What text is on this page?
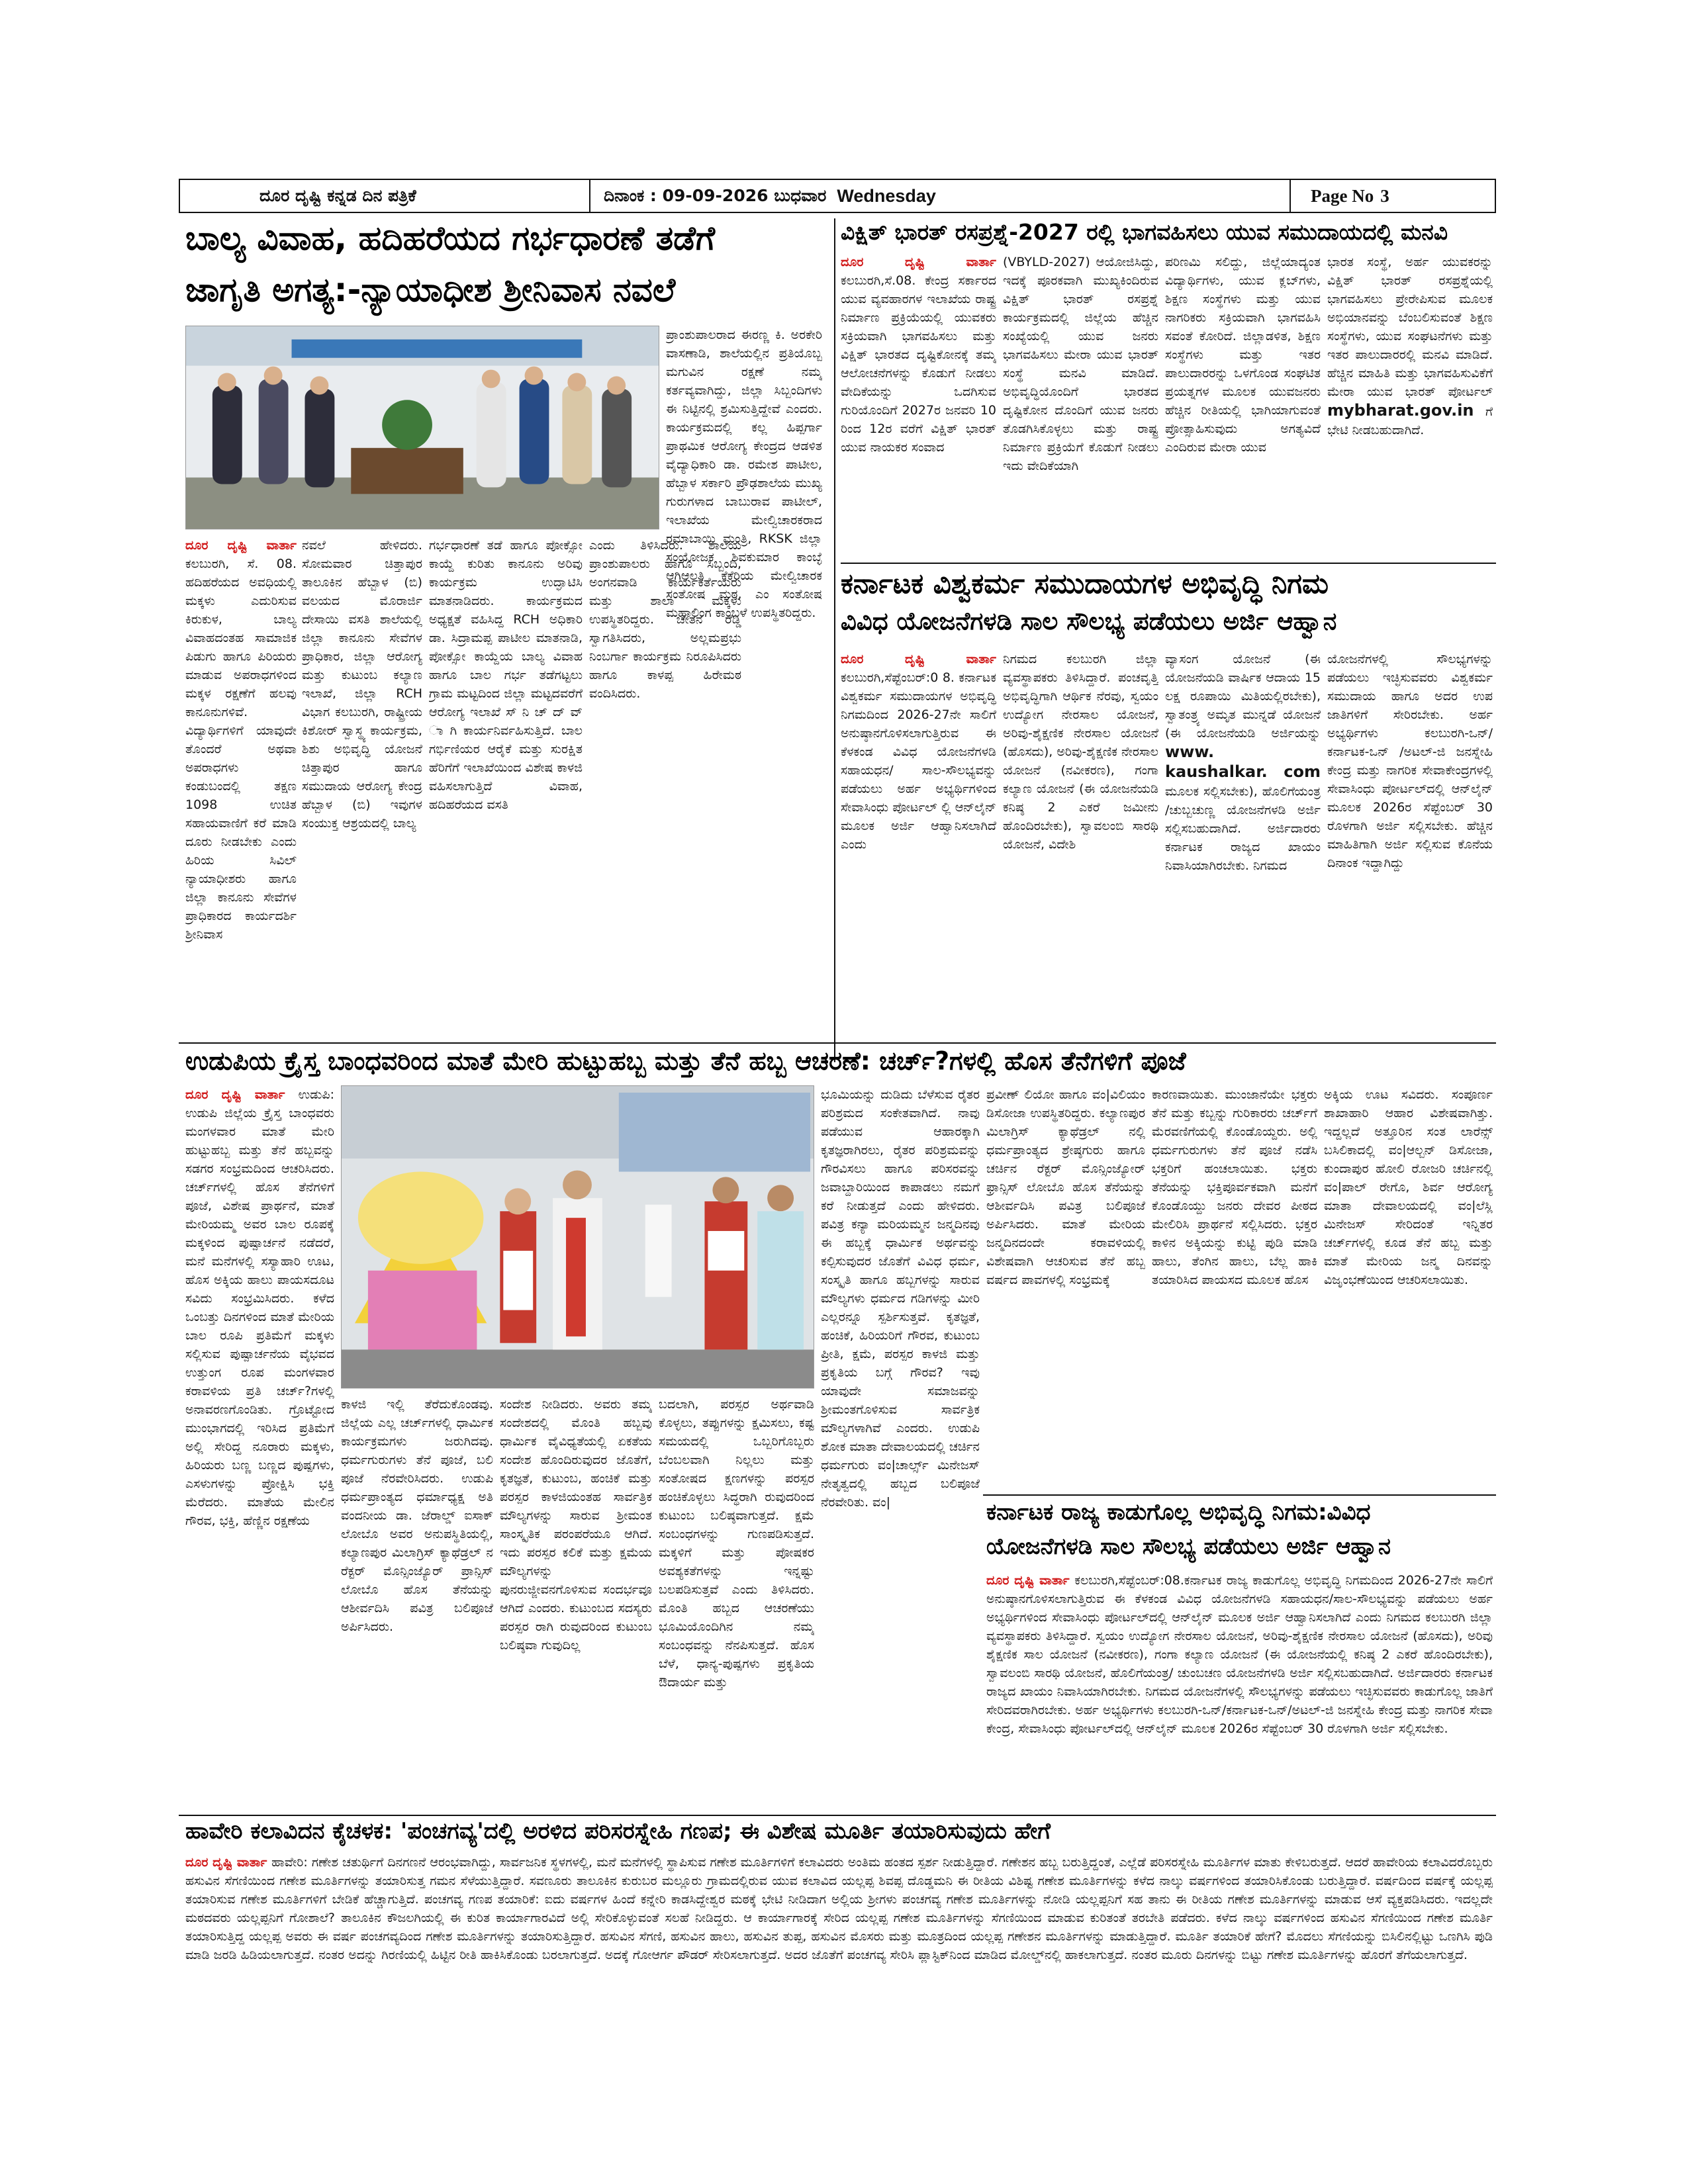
ದೂರ ದೃಷ್ಟಿ ಕನ್ನಡ ದಿನ ಪತ್ರಿಕೆ	ದಿನಾಂಕ : 09-09-2026 ಬುಧವಾರ Wednesday	Page No 3
ಬಾಲ್ಯ ವಿವಾಹ, ಹದಿಹರೆಯದ ಗರ್ಭಧಾರಣೆ ತಡೆಗೆ
ಜಾಗೃತಿ ಅಗತ್ಯ:-ನ್ಯಾಯಾಧೀಶ ಶ್ರೀನಿವಾಸ ನವಲೆ
ಪ್ರಾಂಶುಪಾಲರಾದ ಈರಣ್ಣ ಕಿ. ಅರಕೇರಿ ವಾಸಣಾಡಿ, ಶಾಲೆಯಲ್ಲಿನ ಪ್ರತಿಯೊಬ್ಬ ಮಗುವಿನ ರಕ್ಷಣೆ ನಮ್ಮ ಕರ್ತವ್ಯವಾಗಿದ್ದು, ಜಿಲ್ಲಾ ಸಿಬ್ಬಂದಿಗಳು ಈ ನಿಟ್ಟಿನಲ್ಲಿ ಶ್ರಮಿಸುತ್ತಿದ್ದೇವೆ ಎಂದರು. ಕಾರ್ಯಕ್ರಮದಲ್ಲಿ ಕಲ್ಲ ಹಿಪ್ಪರ್ಗಾ ಪ್ರಾಥಮಿಕ ಆರೋಗ್ಯ ಕೇಂದ್ರದ ಆಡಳಿತ ವೈದ್ಯಾಧಿಕಾರಿ ಡಾ. ರಮೇಶ ಪಾಟೀಲ, ಹೆಬ್ಬಾಳ ಸರ್ಕಾರಿ ಪ್ರೌಢಶಾಲೆಯ ಮುಖ್ಯ ಗುರುಗಳಾದ ಬಾಬುರಾವ ಪಾಟೀಲ್, ಇಲಾಖೆಯ ಮೇಲ್ವಿಚಾರಕರಾದ ರಮಾಬಾಯಿ ಮಂತ್ರಿ, RKSK ಜಿಲ್ಲಾ ಸಂಯೋಜಕ ಶಿವಕುಮಾರ ಕಾಂಬ್ಳೆ ಆಗಿಆಲತಿ ಕೆಕೆರಿಯ ಮೇಲ್ವಿಚಾರಕ ಸಂತೋಷ ಮಠ, ಎಂ ಸಂತೋಷ ಮಹಾಲಿಂಗ ಕಾಂಬಳೆ ಉಪಸ್ಥಿತರಿದ್ದರು.
ದೂರ ದೃಷ್ಟಿ ವಾರ್ತಾ ಕಲಬುರಗಿ, ಸೆ. 08. ಹದಿಹರೆಯದ ಅವಧಿಯಲ್ಲಿ ಮಕ್ಕಳು ಎದುರಿಸುವ ಕಿರುಕುಳ, ಬಾಲ್ಯ ವಿವಾಹದಂತಹ ಸಾಮಾಜಿಕ ಪಿಡುಗು ಹಾಗೂ ಪಿರಿಯರು ಮಾಡುವ ಅಪರಾಧಗಳಿಂದ ಮಕ್ಕಳ ರಕ್ಷಣೆಗೆ ಹಲವು ಕಾನೂನುಗಳಿವೆ. ವಿದ್ಯಾರ್ಥಿಗಳಿಗೆ ಯಾವುದೇ ತೊಂದರೆ ಅಥವಾ ಅಪರಾಧಗಳು ಕಂಡುಬಂದಲ್ಲಿ ತಕ್ಷಣ 1098 ಉಚಿತ ಸಹಾಯವಾಣಿಗೆ ಕರೆ ಮಾಡಿ ದೂರು ನೀಡಬೇಕು ಎಂದು ಹಿರಿಯ ಸಿವಿಲ್ ನ್ಯಾಯಾಧೀಶರು ಹಾಗೂ ಜಿಲ್ಲಾ ಕಾನೂನು ಸೇವೆಗಳ ಪ್ರಾಧಿಕಾರದ ಕಾರ್ಯದರ್ಶಿ ಶ್ರೀನಿವಾಸ
ನವಲೆ ಹೇಳಿದರು. ಸೋಮವಾರ ಚಿತ್ತಾಪುರ ತಾಲೂಕಿನ ಹೆಬ್ಬಾಳ (ಬಿ) ವಲಯದ ಮೊರಾರ್ಜಿ ದೇಸಾಯಿ ವಸತಿ ಶಾಲೆಯಲ್ಲಿ ಜಿಲ್ಲಾ ಕಾನೂನು ಸೇವೆಗಳ ಪ್ರಾಧಿಕಾರ, ಜಿಲ್ಲಾ ಆರೋಗ್ಯ ಮತ್ತು ಕುಟುಂಬ ಕಲ್ಯಾಣ ಇಲಾಖೆ, ಜಿಲ್ಲಾ RCH ವಿಭಾಗ ಕಲಬುರಗಿ, ರಾಷ್ಟ್ರೀಯ ಕಿಶೋರ್ ಸ್ವಾಸ್ಥ್ಯ ಕಾರ್ಯಕ್ರಮ, ಶಿಶು ಅಭಿವೃದ್ಧಿ ಯೋಜನೆ ಚಿತ್ತಾಪುರ ಹಾಗೂ ಸಮುದಾಯ ಆರೋಗ್ಯ ಕೇಂದ್ರ ಹೆಬ್ಬಾಳ (ಬಿ) ಇವುಗಳ ಸಂಯುಕ್ತ ಆಶ್ರಯದಲ್ಲಿ ಬಾಲ್ಯ
ಗರ್ಭಧಾರಣೆ ತಡೆ ಹಾಗೂ ಪೋಕ್ಸೋ ಕಾಯ್ದೆ ಕುರಿತು ಕಾನೂನು ಅರಿವು ಕಾರ್ಯಕ್ರಮ ಉದ್ಘಾಟಿಸಿ ಮಾತನಾಡಿದರು. ಕಾರ್ಯಕ್ರಮದ ಅಧ್ಯಕ್ಷತೆ ವಹಿಸಿದ್ದ RCH ಅಧಿಕಾರಿ ಡಾ. ಸಿದ್ರಾಮಪ್ಪ ಪಾಟೀಲ ಮಾತನಾಡಿ, ಪೋಕ್ಸೋ ಕಾಯ್ದೆಯ ಬಾಲ್ಯ ವಿವಾಹ ಹಾಗೂ ಬಾಲ ಗರ್ಭ ತಡೆಗಟ್ಟಲು ಗ್ರಾಮ ಮಟ್ಟದಿಂದ ಜಿಲ್ಲಾ ಮಟ್ಟದವರೆಗೆ ಆರೋಗ್ಯ ಇಲಾಖೆ ಸ್ ನಿ ಚ್ ದ್ ವ್ ಾ ಗಿ ಕಾರ್ಯನಿರ್ವಹಿಸುತ್ತಿದೆ. ಬಾಲ ಗರ್ಭಿಣಿಯರ ಆರೈಕೆ ಮತ್ತು ಸುರಕ್ಷಿತ ಹೆರಿಗೆಗೆ ಇಲಾಖೆಯಿಂದ ವಿಶೇಷ ಕಾಳಜಿ ವಹಿಸಲಾಗುತ್ತಿದೆ ವಿವಾಹ, ಹದಿಹರೆಯದ ವಸತಿ
ಎಂದು ತಿಳಿಸಿದರು. ಶಾಲೆಯ ಪ್ರಾಂಶುಪಾಲರು ಹಾಗೂ ಸಿಬ್ಬಂದಿ, ಅಂಗನವಾಡಿ ಕಾರ್ಯಕರ್ತೆಯರು ಮತ್ತು ಶಾಲಾ ಮಕ್ಕಳು ಉಪಸ್ಥಿತರಿದ್ದರು. ಚೇತನ ರೆಡ್ಡಿ ಸ್ವಾಗತಿಸಿದರು, ಅಲ್ಲಮಪ್ರಭು ನಿಂಬರ್ಗಾ ಕಾರ್ಯಕ್ರಮ ನಿರೂಪಿಸಿದರು ಹಾಗೂ ಕಾಳಪ್ಪ ಹಿರೇಮಠ ವಂದಿಸಿದರು.
ವಿಕ್ಷಿತ್ ಭಾರತ್ ರಸಪ್ರಶ್ನೆ-2027 ರಲ್ಲಿ ಭಾಗವಹಿಸಲು ಯುವ ಸಮುದಾಯದಲ್ಲಿ ಮನವಿ
ದೂರ ದೃಷ್ಟಿ ವಾರ್ತಾ ಕಲಬುರಗಿ,ಸೆ.08. ಕೇಂದ್ರ ಸರ್ಕಾರದ ಯುವ ವ್ಯವಹಾರಗಳ ಇಲಾಖೆಯ ರಾಷ್ಟ್ರ ನಿರ್ಮಾಣ ಪ್ರಕ್ರಿಯೆಯಲ್ಲಿ ಯುವಕರು ಸಕ್ರಿಯವಾಗಿ ಭಾಗವಹಿಸಲು ಮತ್ತು ವಿಕ್ಷಿತ್ ಭಾರತದ ದೃಷ್ಟಿಕೋನಕ್ಕೆ ತಮ್ಮ ಆಲೋಚನೆಗಳನ್ನು ಕೊಡುಗೆ ನೀಡಲು ವೇದಿಕೆಯನ್ನು ಒದಗಿಸುವ ಗುರಿಯೊಂದಿಗೆ 2027ರ ಜನವರಿ 10 ರಿಂದ 12ರ ವರೆಗೆ ವಿಕ್ಷಿತ್ ಭಾರತ್ ಯುವ ನಾಯಕರ ಸಂವಾದ
(VBYLD-2027) ಆಯೋಜಿಸಿದ್ದು, ಇದಕ್ಕೆ ಪೂರಕವಾಗಿ ಮುಖ್ಯಕಿಂದಿರುವ ವಿಕ್ಷಿತ್ ಭಾರತ್ ರಸಪ್ರಶ್ನೆ ಕಾರ್ಯಕ್ರಮದಲ್ಲಿ ಜಿಲ್ಲೆಯ ಹೆಚ್ಚಿನ ಸಂಖ್ಯೆಯಲ್ಲಿ ಯುವ ಜನರು ಭಾಗವಹಿಸಲು ಮೇರಾ ಯುವ ಭಾರತ್ ಸಂಸ್ಥೆ ಮನವಿ ಮಾಡಿದೆ. ಅಭಿವೃದ್ಧಿಯೊಂದಿಗೆ ಭಾರತದ ದೃಷ್ಟಿಕೋನ ದೊಂದಿಗೆ ಯುವ ಜನರು ತೊಡಗಿಸಿಕೊಳ್ಳಲು ಮತ್ತು ರಾಷ್ಟ್ರ ನಿರ್ಮಾಣ ಪ್ರಕ್ರಿಯೆಗೆ ಕೊಡುಗೆ ನೀಡಲು ಇದು ವೇದಿಕೆಯಾಗಿ
ಪರಿಣಮಿ ಸಲಿದ್ದು, ಜಿಲ್ಲೆಯಾದ್ಯಂತ ವಿದ್ಯಾರ್ಥಿಗಳು, ಯುವ ಕ್ಲಬ್‌ಗಳು, ಶಿಕ್ಷಣ ಸಂಸ್ಥೆಗಳು ಮತ್ತು ಯುವ ನಾಗರಿಕರು ಸಕ್ರಿಯವಾಗಿ ಭಾಗವಹಿಸಿ ಸವಂತೆ ಕೋರಿದೆ. ಜಿಲ್ಲಾಡಳಿತ, ಶಿಕ್ಷಣ ಸಂಸ್ಥೆಗಳು ಮತ್ತು ಇತರ ಪಾಲುದಾರರನ್ನು ಒಳಗೊಂಡ ಸಂಘಟಿತ ಪ್ರಯತ್ನಗಳ ಮೂಲಕ ಯುವಜನರು ಹೆಚ್ಚಿನ ರೀತಿಯಲ್ಲಿ ಭಾಗಿಯಾಗುವಂತೆ ಪ್ರೋತ್ಸಾಹಿಸುವುದು ಅಗತ್ಯವಿದೆ ಎಂದಿರುವ ಮೇರಾ ಯುವ
ಭಾರತ ಸಂಸ್ಥೆ, ಅರ್ಹ ಯುವಕರನ್ನು ವಿಕ್ಷಿತ್ ಭಾರತ್ ರಸಪ್ರಶ್ನೆಯಲ್ಲಿ ಭಾಗವಹಿಸಲು ಪ್ರೇರೇಪಿಸುವ ಮೂಲಕ ಅಭಿಯಾನವನ್ನು ಬೆಂಬಲಿಸುವಂತೆ ಶಿಕ್ಷಣ ಸಂಸ್ಥೆಗಳು, ಯುವ ಸಂಘಟನೆಗಳು ಮತ್ತು ಇತರ ಪಾಲುದಾರರಲ್ಲಿ ಮನವಿ ಮಾಡಿದೆ. ಹೆಚ್ಚಿನ ಮಾಹಿತಿ ಮತ್ತು ಭಾಗವಹಿಸುವಿಕೆಗೆ ಮೇರಾ ಯುವ ಭಾರತ್ ಪೋರ್ಟಲ್ mybharat.gov.in ಗೆ ಭೇಟಿ ನೀಡಬಹುದಾಗಿದೆ.
ಕರ್ನಾಟಕ ವಿಶ್ವಕರ್ಮ ಸಮುದಾಯಗಳ ಅಭಿವೃದ್ಧಿ ನಿಗಮ
ವಿವಿಧ ಯೋಜನೆಗಳಡಿ ಸಾಲ ಸೌಲಭ್ಯ ಪಡೆಯಲು ಅರ್ಜಿ ಆಹ್ವಾನ
ದೂರ ದೃಷ್ಟಿ ವಾರ್ತಾ ಕಲಬುರಗಿ,ಸೆಪ್ಟೆಂಬರ್:0 8. ಕರ್ನಾಟಕ ವಿಶ್ವಕರ್ಮ ಸಮುದಾಯಗಳ ಅಭಿವೃದ್ಧಿ ನಿಗಮದಿಂದ 2026-27ನೇ ಸಾಲಿಗೆ ಅನುಷ್ಠಾನಗೊಳಿಸಲಾಗುತ್ತಿರುವ ಈ ಕೆಳಕಂಡ ವಿವಿಧ ಯೋಜನೆಗಳಡಿ ಸಹಾಯಧನ/ ಸಾಲ-ಸೌಲಭ್ಯವನ್ನು ಪಡೆಯಲು ಅರ್ಹ ಅಭ್ಯರ್ಥಿಗಳಿಂದ ಸೇವಾಸಿಂಧು ಪೋರ್ಟಲ್ ಲ್ಲಿ ಆನ್‌ಲೈನ್ ಮೂಲಕ ಅರ್ಜಿ ಆಹ್ವಾನಿಸಲಾಗಿದೆ ಎಂದು
ನಿಗಮದ ಕಲಬುರಗಿ ಜಿಲ್ಲಾ ವ್ಯವಸ್ಥಾಪಕರು ತಿಳಿಸಿದ್ದಾರೆ. ಪಂಚವೃತ್ತಿ ಅಭಿವೃದ್ಧಿಗಾಗಿ ಆರ್ಥಿಕ ನೆರವು, ಸ್ವಯಂ ಉದ್ಯೋಗ ನೇರಸಾಲ ಯೋಜನೆ, ಅರಿವು-ಶೈಕ್ಷಣಿಕ ನೇರಸಾಲ ಯೋಜನೆ (ಹೊಸದು), ಅರಿವು-ಶೈಕ್ಷಣಿಕ ನೇರಸಾಲ ಯೋಜನೆ (ನವೀಕರಣ), ಗಂಗಾ ಕಲ್ಯಾಣ ಯೋಜನೆ (ಈ ಯೋಜನೆಯಡಿ ಕನಿಷ್ಠ 2 ಎಕರೆ ಜಮೀನು ಹೊಂದಿರಬೇಕು), ಸ್ವಾವಲಂಬಿ ಸಾರಥಿ ಯೋಜನೆ, ವಿದೇಶಿ
ವ್ಯಾಸಂಗ ಯೋಜನೆ (ಈ ಯೋಜನೆಯಡಿ ವಾರ್ಷಿಕ ಆದಾಯ 15 ಲಕ್ಷ ರೂಪಾಯಿ ಮಿತಿಯಲ್ಲಿರಬೇಕು), ಸ್ವಾತಂತ್ರ್ಯ ಅಮೃತ ಮುನ್ನಡೆ ಯೋಜನೆ (ಈ ಯೋಜನೆಯಡಿ ಅರ್ಜಿಯನ್ನು www. kaushalkar. com ಮೂಲಕ ಸಲ್ಲಿಸಬೇಕು), ಹೊಲಿಗೆಯಂತ್ರ /ಚುಬ್ಬಚುಣ್ಣ ಯೋಜನೆಗಳಡಿ ಅರ್ಜಿ ಸಲ್ಲಿಸಬಹುದಾಗಿದೆ. ಅರ್ಜಿದಾರರು ಕರ್ನಾಟಕ ರಾಜ್ಯದ ಖಾಯಂ ನಿವಾಸಿಯಾಗಿರಬೇಕು. ನಿಗಮದ
ಯೋಜನೆಗಳಲ್ಲಿ ಸೌಲಭ್ಯಗಳನ್ನು ಪಡೆಯಲು ಇಚ್ಛಿಸುವವರು ವಿಶ್ವಕರ್ಮ ಸಮುದಾಯ ಹಾಗೂ ಅದರ ಉಪ ಜಾತಿಗಳಿಗೆ ಸೇರಿರಬೇಕು. ಅರ್ಹ ಅಭ್ಯರ್ಥಿಗಳು ಕಲಬುರಗಿ-ಒನ್/ ಕರ್ನಾಟಕ-ಒನ್ /ಅಟಲ್-ಜಿ ಜನಸ್ನೇಹಿ ಕೇಂದ್ರ ಮತ್ತು ನಾಗರಿಕ ಸೇವಾಕೇಂದ್ರಗಳಲ್ಲಿ ಸೇವಾಸಿಂಧು ಪೋರ್ಟಲ್‌ದಲ್ಲಿ ಆನ್‌ಲೈನ್ ಮೂಲಕ 2026ರ ಸೆಪ್ಟೆಂಬರ್ 30 ರೊಳಗಾಗಿ ಅರ್ಜಿ ಸಲ್ಲಿಸಬೇಕು. ಹೆಚ್ಚಿನ ಮಾಹಿತಿಗಾಗಿ ಅರ್ಜಿ ಸಲ್ಲಿಸುವ ಕೊನೆಯ ದಿನಾಂಕ ಇದ್ದಾಗಿದ್ದು
ಉಡುಪಿಯ ಕ್ರೈಸ್ತ ಬಾಂಧವರಿಂದ ಮಾತೆ ಮೇರಿ ಹುಟ್ಟುಹಬ್ಬ ಮತ್ತು ತೆನೆ ಹಬ್ಬ ಆಚರಣೆ: ಚರ್ಚ್?ಗಳಲ್ಲಿ ಹೊಸ ತೆನೆಗಳಿಗೆ ಪೂಜೆ
ದೂರ ದೃಷ್ಟಿ ವಾರ್ತಾ ಉಡುಪಿ: ಉಡುಪಿ ಜಿಲ್ಲೆಯ ಕ್ರೈಸ್ತ ಬಾಂಧವರು ಮಂಗಳವಾರ ಮಾತೆ ಮೇರಿ ಹುಟ್ಟುಹಬ್ಬ ಮತ್ತು ತೆನೆ ಹಬ್ಬವನ್ನು ಸಡಗರ ಸಂಭ್ರಮದಿಂದ ಆಚರಿಸಿದರು. ಚರ್ಚ್‌ಗಳಲ್ಲಿ ಹೊಸ ತೆನೆಗಳಿಗೆ ಪೂಜೆ, ವಿಶೇಷ ಪ್ರಾರ್ಥನೆ, ಮಾತೆ ಮೇರಿಯಮ್ಮ ಅವರ ಬಾಲ ರೂಪಕ್ಕೆ ಮಕ್ಕಳಿಂದ ಪುಷ್ಪಾರ್ಚನೆ ನಡೆದರೆ, ಮನೆ ಮನೆಗಳಲ್ಲಿ ಸಸ್ಯಾಹಾರಿ ಊಟ, ಹೊಸ ಅಕ್ಕಿಯ ಹಾಲು ಪಾಯಸದೂಟ ಸವಿದು ಸಂಭ್ರಮಿಸಿದರು. ಕಳೆದ ಒಂಬತ್ತು ದಿನಗಳಿಂದ ಮಾತೆ ಮೇರಿಯ ಬಾಲ ರೂಪಿ ಪ್ರತಿಮೆಗೆ ಮಕ್ಕಳು ಸಲ್ಲಿಸುವ ಪುಷ್ಪಾರ್ಚನೆಯ ವೈಭವದ ಉತ್ತುಂಗ ರೂಪ ಮಂಗಳವಾರ ಕರಾವಳಿಯ ಪ್ರತಿ ಚರ್ಚ್?ಗಳಲ್ಲಿ ಅನಾವರಣಗೊಂಡಿತು. ಗ್ರೊಟ್ಟೋದ ಮುಂಭಾಗದಲ್ಲಿ ಇರಿಸಿದ ಪ್ರತಿಮೆಗೆ ಅಲ್ಲಿ ಸೇರಿದ್ದ ನೂರಾರು ಮಕ್ಕಳು, ಹಿರಿಯರು ಬಣ್ಣ ಬಣ್ಣದ ಪುಷ್ಪಗಳು, ಎಸಳುಗಳನ್ನು ಪ್ರೋಕ್ಷಿಸಿ ಭಕ್ತಿ ಮೆರೆದರು. ಮಾತೆಯ ಮೇಲಿನ ಗೌರವ, ಭಕ್ತಿ, ಹೆಣ್ಣಿನ ರಕ್ಷಣೆಯ
ಕಾಳಜಿ ಇಲ್ಲಿ ತೆರೆದುಕೊಂಡವು. ಜಿಲ್ಲೆಯ ಎಲ್ಲ ಚರ್ಚ್‌ಗಳಲ್ಲಿ ಧಾರ್ಮಿಕ ಕಾರ್ಯಕ್ರಮಗಳು ಜರುಗಿದವು. ಧರ್ಮಗುರುಗಳು ತೆನೆ ಪೂಜೆ, ಬಲಿ ಪೂಜೆ ನೆರವೇರಿಸಿದರು. ಉಡುಪಿ ಧರ್ಮಪ್ರಾಂತ್ಯದ ಧರ್ಮಾಧ್ಯಕ್ಷ ಅತಿ ವಂದನೀಯ ಡಾ. ಜೆರಾಲ್ಡ್ ಐಸಾಕ್ ಲೋಬೊ ಅವರ ಅನುಪಸ್ಥಿತಿಯಲ್ಲಿ, ಕಲ್ಯಾಣಪುರ ಮಿಲಾಗ್ರಿಸ್ ಕ್ಯಾಥೆಡ್ರಲ್ ನ ರೆಕ್ಟರ್ ಮೊನ್ಸಿಂಜ್ಯೊರ್ ಪ್ರಾನ್ಸಿಸ್ ಲೋಬೊ ಹೊಸ ತೆನೆಯನ್ನು ಆಶೀರ್ವದಿಸಿ ಪವಿತ್ರ ಬಲಿಪೂಜೆ ಅರ್ಪಿಸಿದರು.
ಸಂದೇಶ ನೀಡಿದರು. ಅವರು ತಮ್ಮ ಸಂದೇಶದಲ್ಲಿ ಮೊಂತಿ ಹಬ್ಬವು ಧಾರ್ಮಿಕ ವೈವಿಧ್ಯತೆಯಲ್ಲಿ ಏಕತೆಯ ಸಂದೇಶ ಹೊಂದಿರುವುದರ ಜೊತೆಗೆ, ಕೃತಜ್ಞತೆ, ಕುಟುಂಬ, ಹಂಚಿಕೆ ಮತ್ತು ಪರಸ್ಪರ ಕಾಳಜಿಯಂತಹ ಸಾರ್ವತ್ರಿಕ ಮೌಲ್ಯಗಳನ್ನು ಸಾರುವ ಶ್ರೀಮಂತ ಸಾಂಸ್ಕೃತಿಕ ಪರಂಪರೆಯೂ ಆಗಿದೆ. ಇದು ಪರಸ್ಪರ ಕಲಿಕೆ ಮತ್ತು ಕ್ಷಮೆಯ ಮೌಲ್ಯಗಳನ್ನು ಪುನರುಜ್ಜೀವನಗೊಳಿಸುವ ಸಂದರ್ಭವೂ ಆಗಿದೆ ಎಂದರು. ಕುಟುಂಬದ ಸದಸ್ಯರು ಪರಸ್ಪರ ರಾಗಿ ರುವುದರಿಂದ ಕುಟುಂಬ ಬಲಿಷ್ಠವಾ ಗುವುದಿಲ್ಲ
ಬದಲಾಗಿ, ಪರಸ್ಪರ ಅರ್ಥವಾಡಿ ಕೊಳ್ಳಲು, ತಪ್ಪುಗಳನ್ನು ಕ್ಷಮಿಸಲು, ಕಷ್ಟ ಸಮಯದಲ್ಲಿ ಒಬ್ಬರಿಗೊಬ್ಬರು ಬೆಂಬಲವಾಗಿ ನಿಲ್ಲಲು ಮತ್ತು ಸಂತೋಷದ ಕ್ಷಣಗಳನ್ನು ಪರಸ್ಪರ ಹಂಚಿಕೊಳ್ಳಲು ಸಿದ್ಧರಾಗಿ ರುವುದರಿಂದ ಕುಟುಂಬ ಬಲಿಷ್ಠವಾಗುತ್ತದೆ. ಕ್ಷಮೆ ಸಂಬಂಧಗಳನ್ನು ಗುಣಪಡಿಸುತ್ತದೆ. ಮಕ್ಕಳಿಗೆ ಮತ್ತು ಪೋಷಕರ ಅವಶ್ಯಕತೆಗಳನ್ನು ಇನ್ನಷ್ಟು ಬಲಪಡಿಸುತ್ತವೆ ಎಂದು ತಿಳಿಸಿದರು. ಮೊಂತಿ ಹಬ್ಬದ ಆಚರಣೆಯು ಭೂಮಿಯೊಂದಿಗಿನ ನಮ್ಮ ಸಂಬಂಧವನ್ನು ನೆನಪಿಸುತ್ತದೆ. ಹೊಸ ಬೆಳೆ, ಧಾನ್ಯ-ಪುಷ್ಪಗಳು ಪ್ರಕೃತಿಯ ಔದಾರ್ಯ ಮತ್ತು
ಭೂಮಿಯನ್ನು ದುಡಿದು ಬೆಳೆಸುವ ರೈತರ ಪರಿಶ್ರಮದ ಸಂಕೇತವಾಗಿದೆ. ನಾವು ಪಡೆಯುವ ಆಹಾರಕ್ಕಾಗಿ ಕೃತಜ್ಞರಾಗಿರಲು, ರೈತರ ಪರಿಶ್ರಮವನ್ನು ಗೌರವಿಸಲು ಹಾಗೂ ಪರಿಸರವನ್ನು ಜವಾಬ್ದಾರಿಯಿಂದ ಕಾಪಾಡಲು ನಮಗೆ ಕರೆ ನೀಡುತ್ತದೆ ಎಂದು ಹೇಳಿದರು. ಪವಿತ್ರ ಕನ್ಯಾ ಮರಿಯಮ್ಮನ ಜನ್ಮದಿನವು ಈ ಹಬ್ಬಕ್ಕೆ ಧಾರ್ಮಿಕ ಅರ್ಥವನ್ನು ಕಲ್ಪಿಸುವುದರ ಜೊತೆಗೆ ವಿವಿಧ ಧರ್ಮ, ಸಂಸ್ಕೃತಿ ಹಾಗೂ ಹಬ್ಬಗಳನ್ನು ಸಾರುವ ಮೌಲ್ಯಗಳು ಧರ್ಮದ ಗಡಿಗಳನ್ನು ಮೀರಿ ಎಲ್ಲರನ್ನೂ ಸ್ಪರ್ಶಿಸುತ್ತವೆ. ಕೃತಜ್ಞತೆ, ಹಂಚಿಕೆ, ಹಿರಿಯರಿಗೆ ಗೌರವ, ಕುಟುಂಬ ಪ್ರೀತಿ, ಕ್ಷಮೆ, ಪರಸ್ಪರ ಕಾಳಜಿ ಮತ್ತು ಪ್ರಕೃತಿಯ ಬಗ್ಗೆ ಗೌರವ? ಇವು ಯಾವುದೇ ಸಮಾಜವನ್ನು ಶ್ರೀಮಂತಗೊಳಿಸುವ ಸಾರ್ವತ್ರಿಕ ಮೌಲ್ಯಗಳಾಗಿವೆ ಎಂದರು. ಉಡುಪಿ ಶೋಕ ಮಾತಾ ದೇವಾಲಯದಲ್ಲಿ ಚರ್ಚಿನ ಧರ್ಮಗುರು ವಂ|ಚಾರ್ಲ್ಸ್ ಮಿನೇಜಸ್ ನೇತೃತ್ವದಲ್ಲಿ ಹಬ್ಬದ ಬಲಿಪೂಜೆ ನೆರವೇರಿತು. ವಂ|
ಪ್ರವೀಣ್ ಲಿಯೋ ಹಾಗೂ ವಂ|ವಿಲಿಯಂ ಡಿಸೋಜಾ ಉಪಸ್ಥಿತರಿದ್ದರು. ಕಲ್ಯಾಣಪುರ ಮಿಲಾಗ್ರಿಸ್ ಕ್ಯಾಥೆಡ್ರಲ್ ನಲ್ಲಿ ಧರ್ಮಪ್ರಾಂತ್ಯದ ಶ್ರೇಷ್ಠಗುರು ಹಾಗೂ ಚರ್ಚಿನ ರೆಕ್ಟರ್ ಮೊನ್ಸಿಂಜ್ಯೋರ್ ಫ್ರಾನ್ಸಿಸ್ ಲೋಬೊ ಹೊಸ ತೆನೆಯನ್ನು ಆಶೀರ್ವದಿಸಿ ಪವಿತ್ರ ಬಲಿಪೂಜೆ ಅರ್ಪಿಸಿದರು. ಮಾತೆ ಮೇರಿಯ ಜನ್ಮದಿನದಂದೇ ಕರಾವಳಿಯಲ್ಲಿ ವಿಶೇಷವಾಗಿ ಆಚರಿಸುವ ತೆನೆ ಹಬ್ಬ ವರ್ಷದ ಪಾವಗಳಲ್ಲಿ ಸಂಭ್ರಮಕ್ಕೆ
ಕಾರಣವಾಯಿತು. ಮುಂಜಾನೆಯೇ ಭಕ್ತರು ತೆನೆ ಮತ್ತು ಕಬ್ಬನ್ನು ಗುರಿಕಾರರು ಚರ್ಚ್‌ಗೆ ಮೆರವಣಿಗೆಯಲ್ಲಿ ಕೊಂಡೊಯ್ದರು. ಅಲ್ಲಿ ಧರ್ಮಗುರುಗಳು ತೆನೆ ಪೂಜೆ ನಡೆಸಿ ಭಕ್ತರಿಗೆ ಹಂಚಲಾಯಿತು. ಭಕ್ತರು ತೆನೆಯನ್ನು ಭಕ್ತಿಪೂರ್ವಕವಾಗಿ ಮನೆಗೆ ಕೊಂಡೊಯ್ದು ಜನರು ದೇವರ ಪೀಠದ ಮೇಲಿರಿಸಿ ಪ್ರಾರ್ಥನೆ ಸಲ್ಲಿಸಿದರು. ಭಕ್ತರ ಕಾಳಿನ ಅಕ್ಕಿಯನ್ನು ಕುಟ್ಟಿ ಪುಡಿ ಮಾಡಿ ಹಾಲು, ತೆಂಗಿನ ಹಾಲು, ಬೆಲ್ಲ ಹಾಕಿ ತಯಾರಿಸಿದ ಪಾಯಸದ ಮೂಲಕ ಹೊಸ
ಅಕ್ಕಿಯ ಊಟ ಸವಿದರು. ಸಂಪೂರ್ಣ ಶಾಖಾಹಾರಿ ಆಹಾರ ವಿಶೇಷವಾಗಿತ್ತು. ಇದ್ದಲ್ಲದೆ ಅತ್ತೂರಿನ ಸಂತ ಲಾರೆನ್ಸ್ ಬಸಿಲಿಕಾದಲ್ಲಿ ವಂ|ಆಲ್ಬನ್ ಡಿಸೋಜಾ, ಕುಂದಾಪುರ ಹೋಲಿ ರೋಜರಿ ಚರ್ಚಿನಲ್ಲಿ ವಂ|ಪಾಲ್ ರೇಗೊ, ಶಿರ್ವ ಆರೋಗ್ಯ ಮಾತಾ ದೇವಾಲಯದಲ್ಲಿ ವಂ|ಲೆಸ್ಲಿ ಮಿನೇಜಸ್ ಸೇರಿದಂತೆ ಇನ್ನಿತರ ಚರ್ಚ್‌ಗಳಲ್ಲಿ ಕೂಡ ತೆನೆ ಹಬ್ಬ ಮತ್ತು ಮಾತೆ ಮೇರಿಯ ಜನ್ಮ ದಿನವನ್ನು ವಿಜೃಂಭಣೆಯಿಂದ ಆಚರಿಸಲಾಯಿತು.
ಕರ್ನಾಟಕ ರಾಜ್ಯ ಕಾಡುಗೊಲ್ಲ ಅಭಿವೃದ್ಧಿ ನಿಗಮ:ವಿವಿಧ
ಯೋಜನೆಗಳಡಿ ಸಾಲ ಸೌಲಭ್ಯ ಪಡೆಯಲು ಅರ್ಜಿ ಆಹ್ವಾನ
ದೂರ ದೃಷ್ಟಿ ವಾರ್ತಾ ಕಲಬುರಗಿ,ಸೆಪ್ಟೆಂಬರ್:08.ಕರ್ನಾಟಕ ರಾಜ್ಯ ಕಾಡುಗೊಲ್ಲ ಅಭಿವೃದ್ಧಿ ನಿಗಮದಿಂದ 2026-27ನೇ ಸಾಲಿಗೆ ಅನುಷ್ಠಾನಗೊಳಿಸಲಾಗುತ್ತಿರುವ ಈ ಕೆಳಕಂಡ ವಿವಿಧ ಯೋಜನೆಗಳಡಿ ಸಹಾಯಧನ/ಸಾಲ-ಸೌಲಭ್ಯವನ್ನು ಪಡೆಯಲು ಅರ್ಹ ಅಭ್ಯರ್ಥಿಗಳಿಂದ ಸೇವಾಸಿಂಧು ಪೋರ್ಟಲ್‌ದಲ್ಲಿ ಆನ್‌ಲೈನ್ ಮೂಲಕ ಅರ್ಜಿ ಆಹ್ವಾನಿಸಲಾಗಿದೆ ಎಂದು ನಿಗಮದ ಕಲಬುರಗಿ ಜಿಲ್ಲಾ ವ್ಯವಸ್ಥಾಪಕರು ತಿಳಿಸಿದ್ದಾರೆ. ಸ್ವಯಂ ಉದ್ಯೋಗ ನೇರಸಾಲ ಯೋಜನೆ, ಅರಿವು-ಶೈಕ್ಷಣಿಕ ನೇರಸಾಲ ಯೋಜನೆ (ಹೊಸದು), ಅರಿವು ಶೈಕ್ಷಣಿಕ ಸಾಲ ಯೋಜನೆ (ನವೀಕರಣ), ಗಂಗಾ ಕಲ್ಯಾಣ ಯೋಜನೆ (ಈ ಯೋಜನೆಯಲ್ಲಿ ಕನಿಷ್ಠ 2 ಎಕರೆ ಹೊಂದಿರಬೇಕು), ಸ್ವಾವಲಂಬಿ ಸಾರಥಿ ಯೋಜನೆ, ಹೊಲಿಗೆಯಂತ್ರ/ ಚುಂಬಚಣ ಯೋಜನೆಗಳಡಿ ಅರ್ಜಿ ಸಲ್ಲಿಸಬಹುದಾಗಿದೆ. ಅರ್ಜಿದಾರರು ಕರ್ನಾಟಕ ರಾಜ್ಯದ ಖಾಯಂ ನಿವಾಸಿಯಾಗಿರಬೇಕು. ನಿಗಮದ ಯೋಜನೆಗಳಲ್ಲಿ ಸೌಲಭ್ಯಗಳನ್ನು ಪಡೆಯಲು ಇಚ್ಛಿಸುವವರು ಕಾಡುಗೊಲ್ಲ ಜಾತಿಗೆ ಸೇರಿದವರಾಗಿರಬೇಕು. ಅರ್ಹ ಅಭ್ಯರ್ಥಿಗಳು ಕಲಬುರಗಿ-ಒನ್/ಕರ್ನಾಟಕ-ಒನ್/ಅಟಲ್-ಜಿ ಜನಸ್ನೇಹಿ ಕೇಂದ್ರ ಮತ್ತು ನಾಗರಿಕ ಸೇವಾ ಕೇಂದ್ರ, ಸೇವಾಸಿಂಧು ಪೋರ್ಟಲ್‌ದಲ್ಲಿ ಆನ್‌ಲೈನ್ ಮೂಲಕ 2026ರ ಸೆಪ್ಟೆಂಬರ್ 30 ರೊಳಗಾಗಿ ಅರ್ಜಿ ಸಲ್ಲಿಸಬೇಕು.
ಹಾವೇರಿ ಕಲಾವಿದನ ಕೈಚಳಕ: 'ಪಂಚಗವ್ಯ'ದಲ್ಲಿ ಅರಳಿದ ಪರಿಸರಸ್ನೇಹಿ ಗಣಪ; ಈ ವಿಶೇಷ ಮೂರ್ತಿ ತಯಾರಿಸುವುದು ಹೇಗೆ
ದೂರ ದೃಷ್ಟಿ ವಾರ್ತಾ ಹಾವೇರಿ: ಗಣೇಶ ಚತುರ್ಥಿಗೆ ದಿನಗಣನೆ ಆರಂಭವಾಗಿದ್ದು, ಸಾರ್ವಜನಿಕ ಸ್ಥಳಗಳಲ್ಲಿ, ಮನೆ ಮನೆಗಳಲ್ಲಿ ಸ್ಥಾಪಿಸುವ ಗಣೇಶ ಮೂರ್ತಿಗಳಿಗೆ ಕಲಾವಿದರು ಅಂತಿಮ ಹಂತದ ಸ್ಪರ್ಶ ನೀಡುತ್ತಿದ್ದಾರೆ. ಗಣೇಶನ ಹಬ್ಬ ಬರುತ್ತಿದ್ದಂತೆ, ಎಲ್ಲೆಡೆ ಪರಿಸರಸ್ನೇಹಿ ಮೂರ್ತಿಗಳ ಮಾತು ಕೇಳಿಬರುತ್ತದೆ. ಆದರೆ ಹಾವೇರಿಯ ಕಲಾವಿದರೊಬ್ಬರು ಹಸುವಿನ ಸೆಗಣಿಯಿಂದ ಗಣೇಶ ಮೂರ್ತಿಗಳನ್ನು ತಯಾರಿಸುತ್ತ ಗಮನ ಸೆಳೆಯುತ್ತಿದ್ದಾರೆ. ಸವಣೂರು ತಾಲೂಕಿನ ಕುರುಬರ ಮಲ್ಲೂರು ಗ್ರಾಮದಲ್ಲಿರುವ ಯುವ ಕಲಾವಿದ ಯಲ್ಲಪ್ಪ ಶಿವಪ್ಪ ದೊಡ್ಡಮನಿ ಈ ರೀತಿಯ ವಿಶಿಷ್ಟ ಗಣೇಶ ಮೂರ್ತಿಗಳನ್ನು ಕಳೆದ ನಾಲ್ಕು ವರ್ಷಗಳಿಂದ ತಯಾರಿಸಿಕೊಂಡು ಬರುತ್ತಿದ್ದಾರೆ. ವರ್ಷದಿಂದ ವರ್ಷಕ್ಕೆ ಯಲ್ಲಪ್ಪ ತಯಾರಿಸುವ ಗಣೇಶ ಮೂರ್ತಿಗಳಿಗೆ ಬೇಡಿಕೆ ಹೆಚ್ಚಾಗುತ್ತಿದೆ. ಪಂಚಗವ್ಯ ಗಣಪ ತಯಾರಿಕೆ: ಐದು ವರ್ಷಗಳ ಹಿಂದೆ ಕನ್ನೇರಿ ಕಾಡಸಿದ್ದೇಶ್ವರ ಮಠಕ್ಕೆ ಭೇಟಿ ನೀಡಿದಾಗ ಅಲ್ಲಿಯ ಶ್ರೀಗಳು ಪಂಚಗವ್ಯ ಗಣೇಶ ಮೂರ್ತಿಗಳನ್ನು ನೋಡಿ ಯಲ್ಲಪ್ಪನಿಗೆ ಸಹ ತಾನು ಈ ರೀತಿಯ ಗಣೇಶ ಮೂರ್ತಿಗಳನ್ನು ಮಾಡುವ ಆಸೆ ವ್ಯಕ್ತಪಡಿಸಿದರು. ಇದಲ್ಲದೇ ಮಠದವರು ಯಲ್ಲಪ್ಪನಿಗೆ ಗೋಶಾಲೆ? ತಾಲೂಕಿನ ಕೌಜಲಗಿಯಲ್ಲಿ ಈ ಕುರಿತ ಕಾರ್ಯಾಗಾರವಿದೆ ಅಲ್ಲಿ ಸೇರಿಕೊಳ್ಳುವಂತೆ ಸಲಹೆ ನೀಡಿದ್ದರು. ಆ ಕಾರ್ಯಾಗಾರಕ್ಕೆ ಸೇರಿದ ಯಲ್ಲಪ್ಪ ಗಣೇಶ ಮೂರ್ತಿಗಳನ್ನು ಸೆಗಣಿಯಿಂದ ಮಾಡುವ ಕುರಿತಂತೆ ತರಬೇತಿ ಪಡೆದರು. ಕಳೆದ ನಾಲ್ಕು ವರ್ಷಗಳಿಂದ ಹಸುವಿನ ಸೆಗಣಿಯಿಂದ ಗಣೇಶ ಮೂರ್ತಿ ತಯಾರಿಸುತ್ತಿದ್ದ ಯಲ್ಲಪ್ಪ ಅವರು ಈ ವರ್ಷ ಪಂಚಗವ್ಯದಿಂದ ಗಣೇಶ ಮೂರ್ತಿಗಳನ್ನು ತಯಾರಿಸುತ್ತಿದ್ದಾರೆ. ಹಸುವಿನ ಸೆಗಣಿ, ಹಸುವಿನ ಹಾಲು, ಹಸುವಿನ ತುಪ್ಪ, ಹಸುವಿನ ಮೊಸರು ಮತ್ತು ಮೂತ್ರದಿಂದ ಯಲ್ಲಪ್ಪ ಗಣೇಶನ ಮೂರ್ತಿಗಳನ್ನು ಮಾಡುತ್ತಿದ್ದಾರೆ. ಮೂರ್ತಿ ತಯಾರಿಕೆ ಹೇಗೆ? ಮೊದಲು ಸೆಗಣಿಯನ್ನು ಬಿಸಿಲಿನಲ್ಲಿಟ್ಟು ಒಣಗಿಸಿ ಪುಡಿ ಮಾಡಿ ಜರಡಿ ಹಿಡಿಯಲಾಗುತ್ತದೆ. ನಂತರ ಅದನ್ನು ಗಿರಣಿಯಲ್ಲಿ ಹಿಟ್ಟಿನ ರೀತಿ ಹಾಕಿಸಿಕೊಂಡು ಬರಲಾಗುತ್ತದೆ. ಅದಕ್ಕೆ ಗೋಆರ್ಗ ಪೌಡರ್ ಸೇರಿಸಲಾಗುತ್ತದೆ. ಅದರ ಜೊತೆಗೆ ಪಂಚಗವ್ಯ ಸೇರಿಸಿ ಪ್ಲಾಸ್ಟಿಕ್‌ನಿಂದ ಮಾಡಿದ ಮೋಲ್ಡ್‌ನಲ್ಲಿ ಹಾಕಲಾಗುತ್ತದೆ. ನಂತರ ಮೂರು ದಿನಗಳನ್ನು ಬಿಟ್ಟು ಗಣೇಶ ಮೂರ್ತಿಗಳನ್ನು ಹೊರಗೆ ತೆಗೆಯಲಾಗುತ್ತದೆ.
